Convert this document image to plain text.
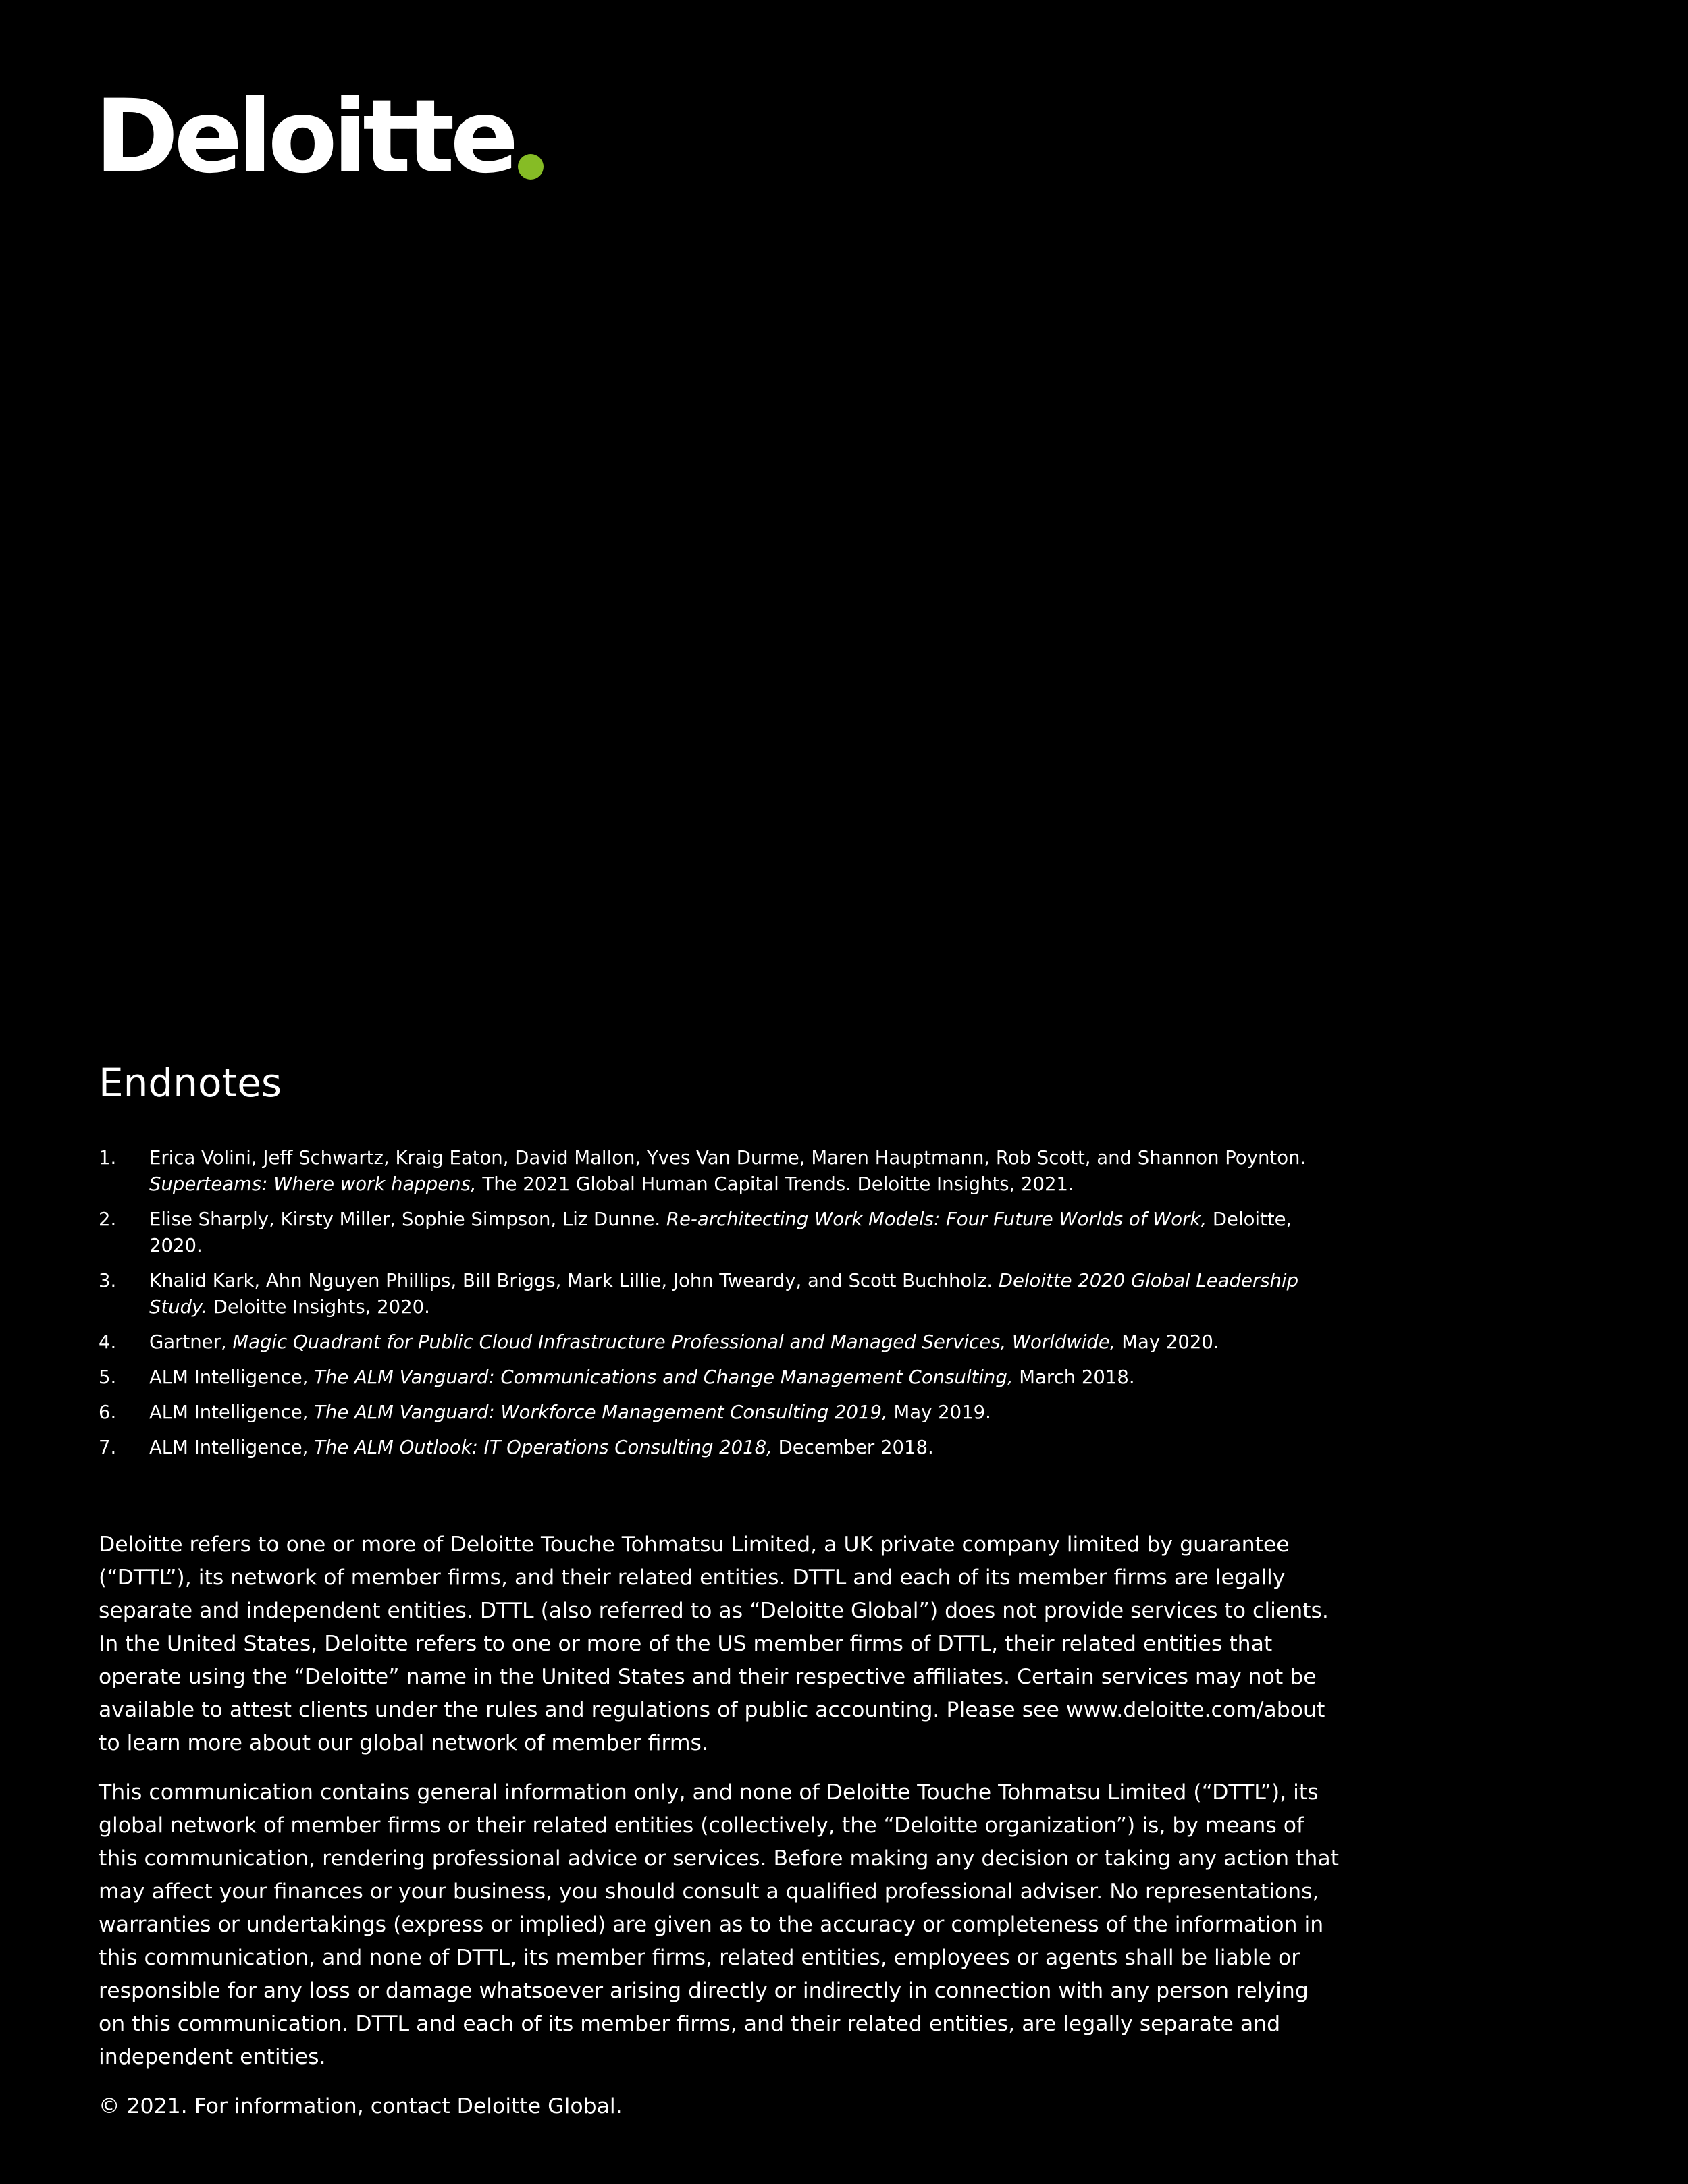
Deloitte
Endnotes
1.	Erica Volini, Jeff Schwartz, Kraig Eaton, David Mallon, Yves Van Durme, Maren Hauptmann, Rob Scott, and Shannon Poynton. Superteams: Where work happens, The 2021 Global Human Capital Trends. Deloitte Insights, 2021.
2.	Elise Sharply, Kirsty Miller, Sophie Simpson, Liz Dunne. Re-architecting Work Models: Four Future Worlds of Work, Deloitte, 2020.
3.	Khalid Kark, Ahn Nguyen Phillips, Bill Briggs, Mark Lillie, John Tweardy, and Scott Buchholz. Deloitte 2020 Global Leadership Study. Deloitte Insights, 2020.
4.	Gartner, Magic Quadrant for Public Cloud Infrastructure Professional and Managed Services, Worldwide, May 2020.
5.	ALM Intelligence, The ALM Vanguard: Communications and Change Management Consulting, March 2018.
6.	ALM Intelligence, The ALM Vanguard: Workforce Management Consulting 2019, May 2019.
7.	ALM Intelligence, The ALM Outlook: IT Operations Consulting 2018, December 2018.

Deloitte refers to one or more of Deloitte Touche Tohmatsu Limited, a UK private company limited by guarantee (“DTTL”), its network of member firms, and their related entities. DTTL and each of its member firms are legally separate and independent entities. DTTL (also referred to as “Deloitte Global”) does not provide services to clients. In the United States, Deloitte refers to one or more of the US member firms of DTTL, their related entities that operate using the “Deloitte” name in the United States and their respective affiliates. Certain services may not be available to attest clients under the rules and regulations of public accounting. Please see www.deloitte.com/about to learn more about our global network of member firms.

This communication contains general information only, and none of Deloitte Touche Tohmatsu Limited (“DTTL”), its global network of member firms or their related entities (collectively, the “Deloitte organization”) is, by means of this communication, rendering professional advice or services. Before making any decision or taking any action that may affect your finances or your business, you should consult a qualified professional adviser. No representations, warranties or undertakings (express or implied) are given as to the accuracy or completeness of the information in this communication, and none of DTTL, its member firms, related entities, employees or agents shall be liable or responsible for any loss or damage whatsoever arising directly or indirectly in connection with any person relying on this communication. DTTL and each of its member firms, and their related entities, are legally separate and independent entities.

© 2021. For information, contact Deloitte Global.
